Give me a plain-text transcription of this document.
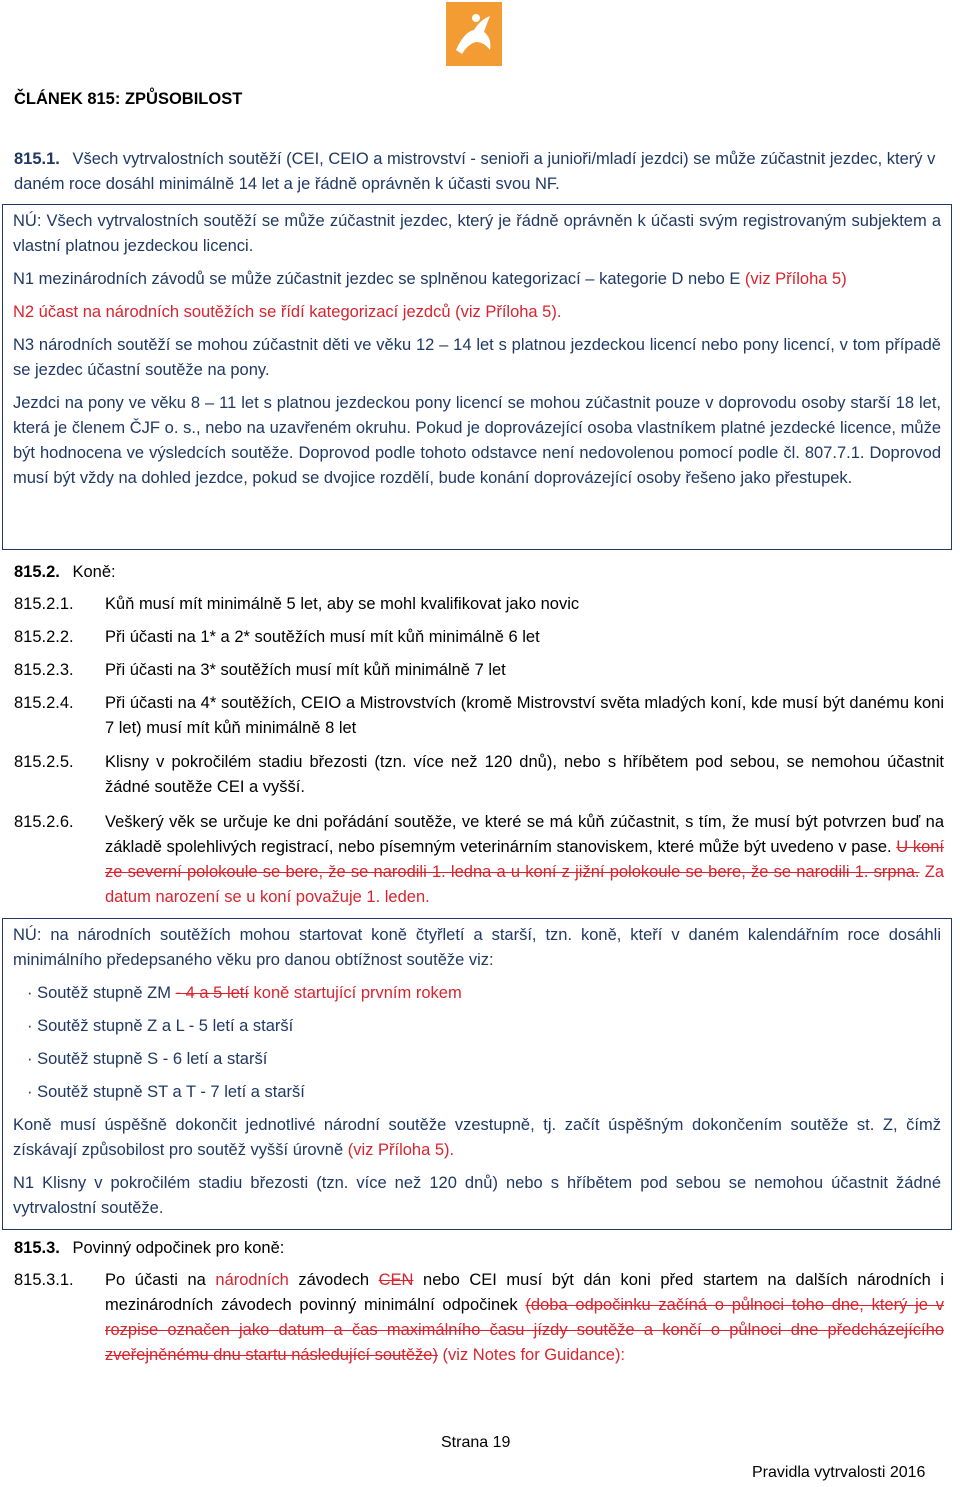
ČLÁNEK 815: ZPŮSOBILOST
815.1. Všech vytrvalostních soutěží (CEI, CEIO a mistrovství - senioři a junioři/mladí jezdci) se může zúčastnit jezdec, který v daném roce dosáhl minimálně 14 let a je řádně oprávněn k účasti svou NF.

NÚ: Všech vytrvalostních soutěží se může zúčastnit jezdec, který je řádně oprávněn k účasti svým registrovaným subjektem a vlastní platnou jezdeckou licenci.

N1 mezinárodních závodů se může zúčastnit jezdec se splněnou kategorizací – kategorie D nebo E (viz Příloha 5)

N2 účast na národních soutěžích se řídí kategorizací jezdců (viz Příloha 5).

N3 národních soutěží se mohou zúčastnit děti ve věku 12 – 14 let s platnou jezdeckou licencí nebo pony licencí, v tom případě se jezdec účastní soutěže na pony.

Jezdci na pony ve věku 8 – 11 let s platnou jezdeckou pony licencí se mohou zúčastnit pouze v doprovodu osoby starší 18 let, která je členem ČJF o. s., nebo na uzavřeném okruhu. Pokud je doprovázející osoba vlastníkem platné jezdecké licence, může být hodnocena ve výsledcích soutěže. Doprovod podle tohoto odstavce není nedovolenou pomocí podle čl. 807.7.1. Doprovod musí být vždy na dohled jezdce, pokud se dvojice rozdělí, bude konání doprovázející osoby řešeno jako přestupek.

815.2. Koně:
815.2.1. Kůň musí mít minimálně 5 let, aby se mohl kvalifikovat jako novic
815.2.2. Při účasti na 1* a 2* soutěžích musí mít kůň minimálně 6 let
815.2.3. Při účasti na 3* soutěžích musí mít kůň minimálně 7 let
815.2.4. Při účasti na 4* soutěžích, CEIO a Mistrovstvích (kromě Mistrovství světa mladých koní, kde musí být danému koni 7 let) musí mít kůň minimálně 8 let
815.2.5. Klisny v pokročilém stadiu březosti (tzn. více než 120 dnů), nebo s hříbětem pod sebou, se nemohou účastnit žádné soutěže CEI a vyšší.
815.2.6. Veškerý věk se určuje ke dni pořádání soutěže, ve které se má kůň zúčastnit, s tím, že musí být potvrzen buď na základě spolehlivých registrací, nebo písemným veterinárním stanoviskem, které může být uvedeno v pase. U koní ze severní polokoule se bere, že se narodili 1. ledna a u koní z jižní polokoule se bere, že se narodili 1. srpna. Za datum narození se u koní považuje 1. leden.

NÚ: na národních soutěžích mohou startovat koně čtyřletí a starší, tzn. koně, kteří v daném kalendářním roce dosáhli minimálního předepsaného věku pro danou obtížnost soutěže viz:

· Soutěž stupně ZM - 4 a 5 letí koně startující prvním rokem

· Soutěž stupně Z a L - 5 letí a starší

· Soutěž stupně S - 6 letí a starší

· Soutěž stupně ST a T - 7 letí a starší

Koně musí úspěšně dokončit jednotlivé národní soutěže vzestupně, tj. začít úspěšným dokončením soutěže st. Z, čímž získávají způsobilost pro soutěž vyšší úrovně (viz Příloha 5).

N1 Klisny v pokročilém stadiu březosti (tzn. více než 120 dnů) nebo s hříbětem pod sebou se nemohou účastnit žádné vytrvalostní soutěže.

815.3. Povinný odpočinek pro koně:
815.3.1. Po účasti na národních závodech CEN nebo CEI musí být dán koni před startem na dalších národních i mezinárodních závodech povinný minimální odpočinek (doba odpočinku začíná o půlnoci toho dne, který je v rozpise označen jako datum a čas maximálního času jízdy soutěže a končí o půlnoci dne předcházejícího zveřejněnému dnu startu následující soutěže) (viz Notes for Guidance):
Strana 19
Pravidla vytrvalosti 2016
